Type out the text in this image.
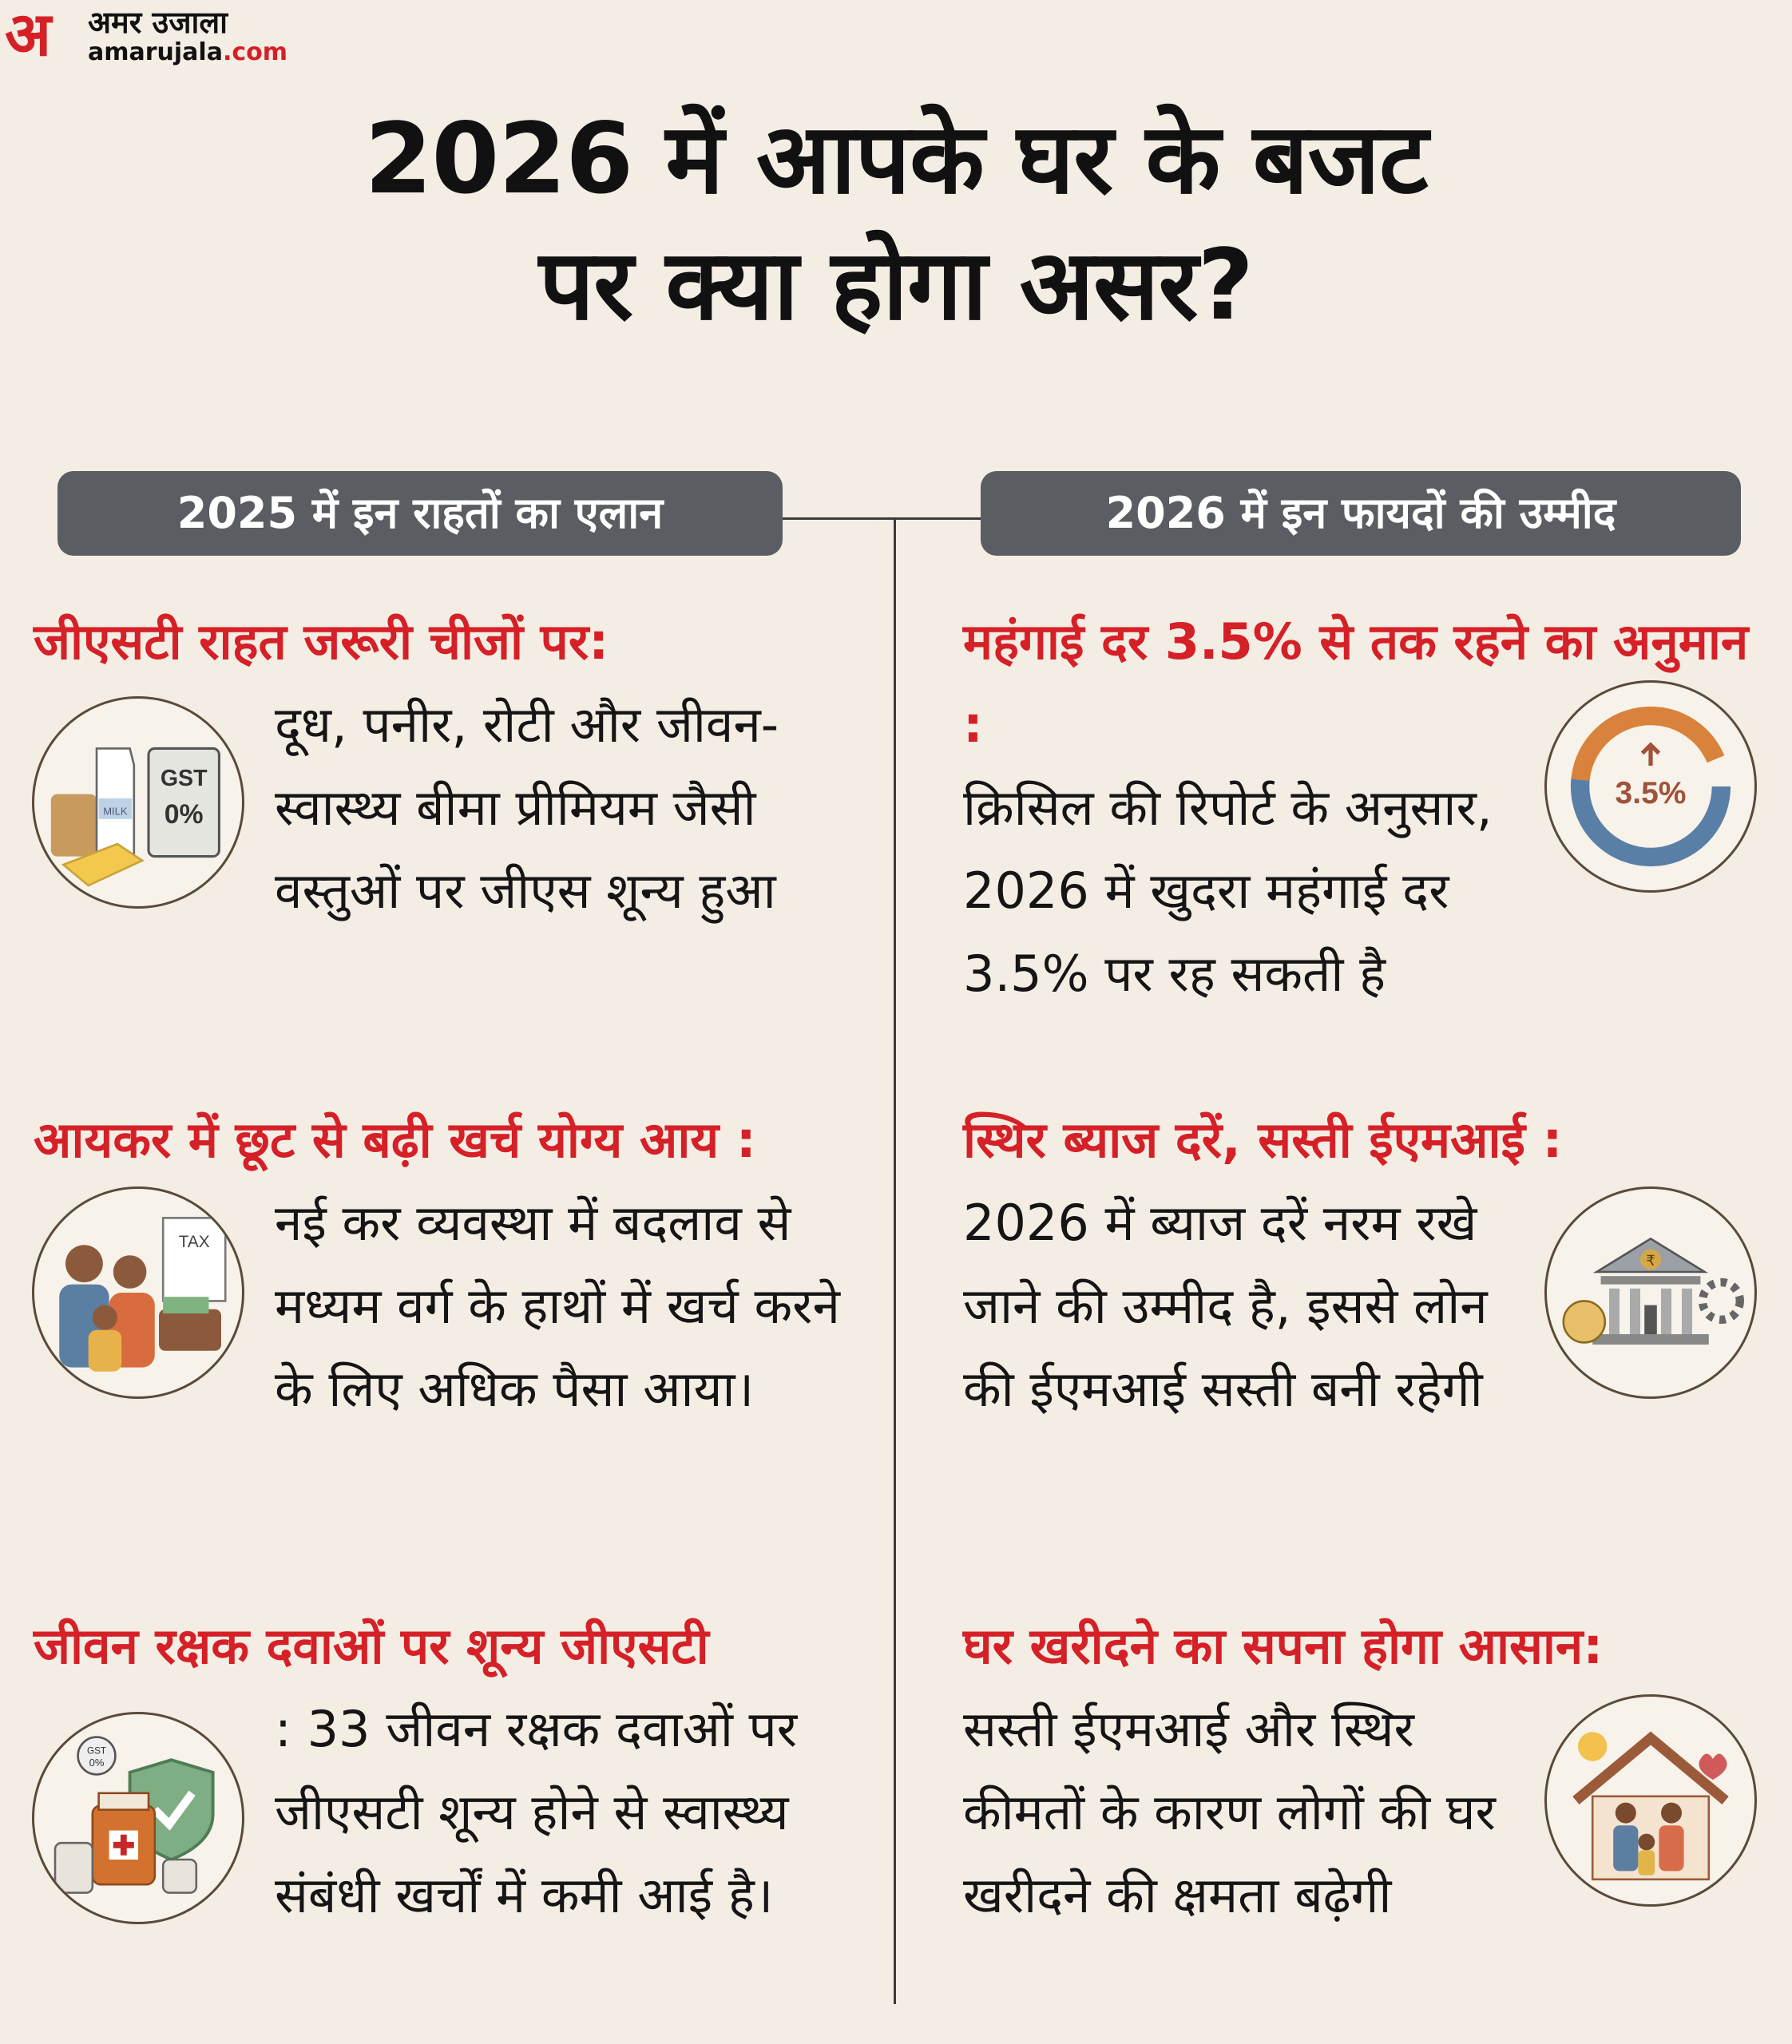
अ अमर उजाला
amarujala.com
2026 में आपके घर के बजट
पर क्या होगा असर?
2025 में इन राहतों का एलान	2026 में इन फायदों की उम्मीद
MILK
GST
0%
जीएसटी राहत जरूरी चीजों पर:
दूध, पनीर, रोटी और जीवन-स्वास्थ्य बीमा प्रीमियम जैसी वस्तुओं पर जीएस शून्य हुआ
TAX
आयकर में छूट से बढ़ी खर्च योग्य आय :
नई कर व्यवस्था में बदलाव से मध्यम वर्ग के हाथों में खर्च करने के लिए अधिक पैसा आया।
GST
0%
जीवन रक्षक दवाओं पर शून्य जीएसटी
: 33 जीवन रक्षक दवाओं पर जीएसटी शून्य होने से स्वास्थ्य संबंधी खर्चों में कमी आई है।
3.5%
महंगाई दर 3.5% से तक रहने का अनुमान :
क्रिसिल की रिपोर्ट के अनुसार, 2026 में खुदरा महंगाई दर 3.5% पर रह सकती है
₹
स्थिर ब्याज दरें, सस्ती ईएमआई :
2026 में ब्याज दरें नरम रखे जाने की उम्मीद है, इससे लोन की ईएमआई सस्ती बनी रहेगी
घर खरीदने का सपना होगा आसान:
सस्ती ईएमआई और स्थिर कीमतों के कारण लोगों की घर खरीदने की क्षमता बढ़ेगी
